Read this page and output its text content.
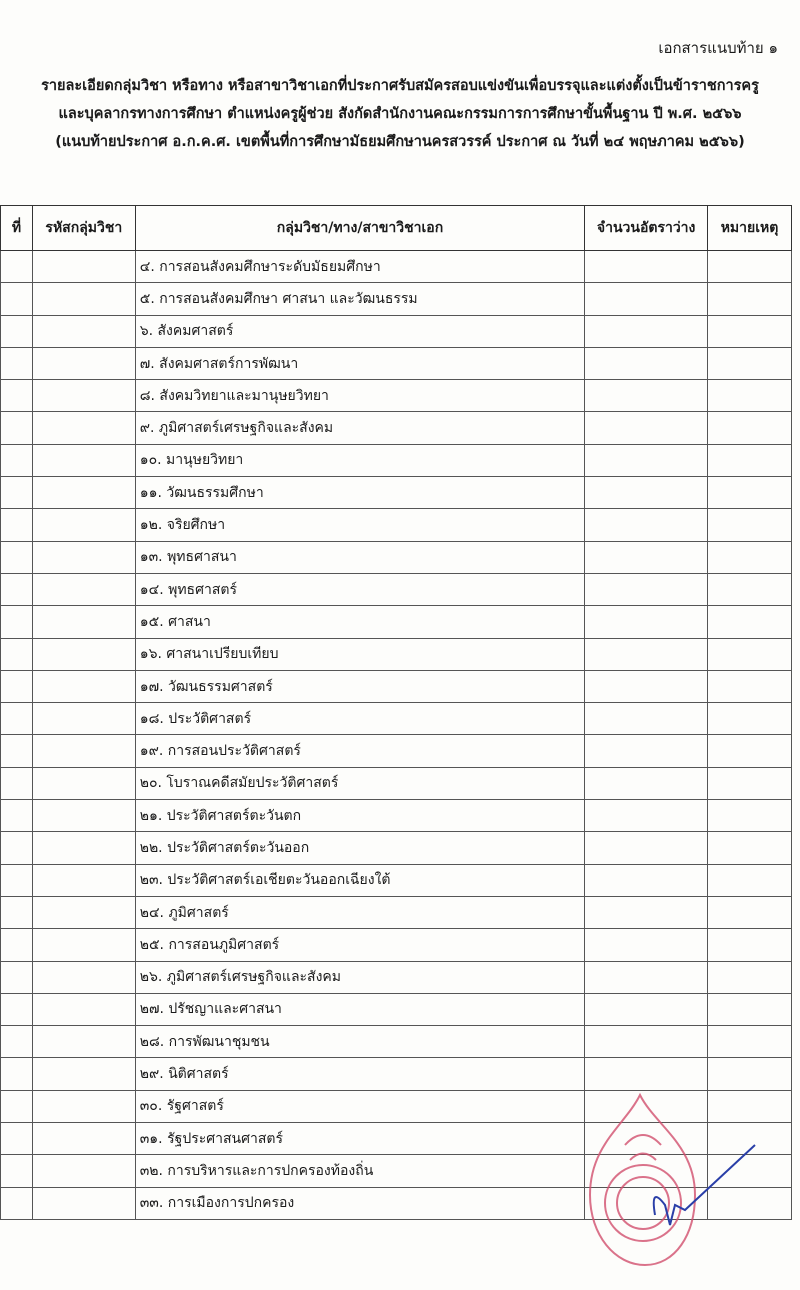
เอกสารแนบท้าย ๑
รายละเอียดกลุ่มวิชา หรือทาง หรือสาขาวิชาเอกที่ประกาศรับสมัครสอบแข่งขันเพื่อบรรจุและแต่งตั้งเป็นข้าราชการครู
และบุคลากรทางการศึกษา ตำแหน่งครูผู้ช่วย สังกัดสำนักงานคณะกรรมการการศึกษาขั้นพื้นฐาน ปี พ.ศ. ๒๕๖๖
(แนบท้ายประกาศ อ.ก.ค.ศ. เขตพื้นที่การศึกษามัธยมศึกษานครสวรรค์ ประกาศ ณ วันที่ ๒๔ พฤษภาคม ๒๕๖๖)
ที่	รหัสกลุ่มวิชา	กลุ่มวิชา/ทาง/สาขาวิชาเอก	จำนวนอัตราว่าง	หมายเหตุ
		๔. การสอนสังคมศึกษาระดับมัธยมศึกษา		
		๕. การสอนสังคมศึกษา ศาสนา และวัฒนธรรม		
		๖. สังคมศาสตร์		
		๗. สังคมศาสตร์การพัฒนา		
		๘. สังคมวิทยาและมานุษยวิทยา		
		๙. ภูมิศาสตร์เศรษฐกิจและสังคม		
		๑๐. มานุษยวิทยา		
		๑๑. วัฒนธรรมศึกษา		
		๑๒. จริยศึกษา		
		๑๓. พุทธศาสนา		
		๑๔. พุทธศาสตร์		
		๑๕. ศาสนา		
		๑๖. ศาสนาเปรียบเทียบ		
		๑๗. วัฒนธรรมศาสตร์		
		๑๘. ประวัติศาสตร์		
		๑๙. การสอนประวัติศาสตร์		
		๒๐. โบราณคดีสมัยประวัติศาสตร์		
		๒๑. ประวัติศาสตร์ตะวันตก		
		๒๒. ประวัติศาสตร์ตะวันออก		
		๒๓. ประวัติศาสตร์เอเชียตะวันออกเฉียงใต้		
		๒๔. ภูมิศาสตร์		
		๒๕. การสอนภูมิศาสตร์		
		๒๖. ภูมิศาสตร์เศรษฐกิจและสังคม		
		๒๗. ปรัชญาและศาสนา		
		๒๘. การพัฒนาชุมชน		
		๒๙. นิติศาสตร์		
		๓๐. รัฐศาสตร์		
		๓๑. รัฐประศาสนศาสตร์		
		๓๒. การบริหารและการปกครองท้องถิ่น		
		๓๓. การเมืองการปกครอง		
